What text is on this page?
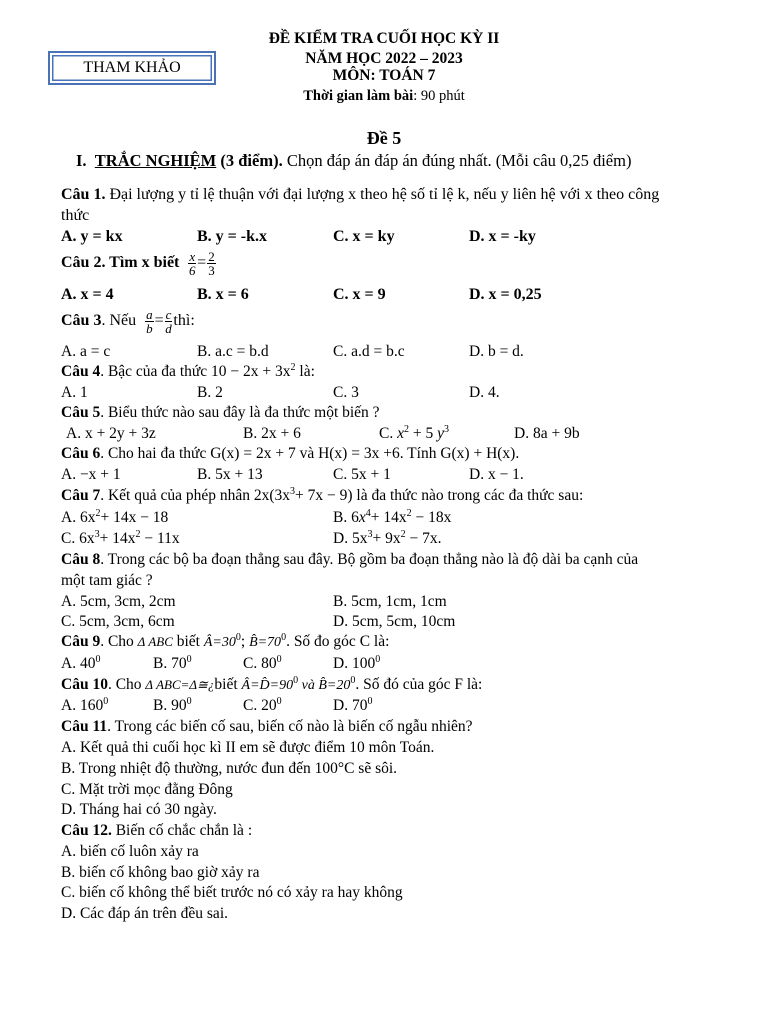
THAM KHẢO
ĐỀ KIỂM TRA CUỐI HỌC KỲ II
NĂM HỌC 2022 – 2023
MÔN: TOÁN 7
Thời gian làm bài: 90 phút
Đề 5
I. TRẮC NGHIỆM (3 điểm). Chọn đáp án đáp án đúng nhất. (Mỗi câu 0,25 điểm)
Câu 1. Đại lượng y tỉ lệ thuận với đại lượng x theo hệ số tỉ lệ k, nếu y liên hệ với x theo công
thức
A. y = kx	B. y = -k.x	C. x = ky	D. x = -ky
Câu 2. Tìm x biết $\frac{x}{6} = \frac{2}{3}$
A. x = 4	B. x = 6	C. x = 9	D. x = 0,25
Câu 3. Nếu $\frac{a}{b} = \frac{c}{d}$ thì:
A. a = c	B. a.c = b.d	C. a.d = b.c	D. b = d.
Câu 4. Bậc của đa thức $10 - 2x + 3x^2$ là:
A. 1	B. 2	C. 3	D. 4.
Câu 5. Biểu thức nào sau đây là đa thức một biến ?
A. x + 2y + 3z	B. 2x + 6	C. $x^2 + 5$ $y^3$	D. 8a + 9b
Câu 6. Cho hai đa thức G(x) = 2x + 7 và H(x) = 3x +6. Tính G(x) + H(x).
A. −x + 1	B. 5x + 13	C. 5x + 1	D. x − 1.
Câu 7. Kết quả của phép nhân $2x(3x^3+ 7x - 9)$ là đa thức nào trong các đa thức sau:
A. $6x^2+ 14x - 18$	B. $6x^4+ 14x^2 - 18x$
C. $6x^3+ 14x^2 - 11x$	D. $5x^3+ 9x^2 - 7x$.
Câu 8. Trong các bộ ba đoạn thẳng sau đây. Bộ gồm ba đoạn thẳng nào là độ dài ba cạnh của
một tam giác ?
A. 5cm, 3cm, 2cm	B. 5cm, 1cm, 1cm
C. 5cm, 3cm, 6cm	D. 5cm, 5cm, 10cm
Câu 9. Cho Δ ABC biết $Â=30^0$; $B̂=70^0$. Số đo góc C là:
A. $40^0$	B. $70^0$	C. $80^0$	D. $100^0$
Câu 10. Cho Δ ABC=Δ≅¿biết $Â=D̂=90^0$ và $B̂=20^0$. Số đó của góc F là:
A. $160^0$	B. $90^0$	C. $20^0$	D. $70^0$
Câu 11. Trong các biến cố sau, biến cố nào là biến cố ngẫu nhiên?
A. Kết quả thi cuối học kì II em sẽ được điểm 10 môn Toán.
B. Trong nhiệt độ thường, nước đun đến 100°C sẽ sôi.
C. Mặt trời mọc đằng Đông
D. Tháng hai có 30 ngày.
Câu 12. Biến cố chắc chắn là :
A. biến cố luôn xảy ra
B. biến cố không bao giờ xảy ra
C. biến cố không thể biết trước nó có xảy ra hay không
D. Các đáp án trên đều sai.
